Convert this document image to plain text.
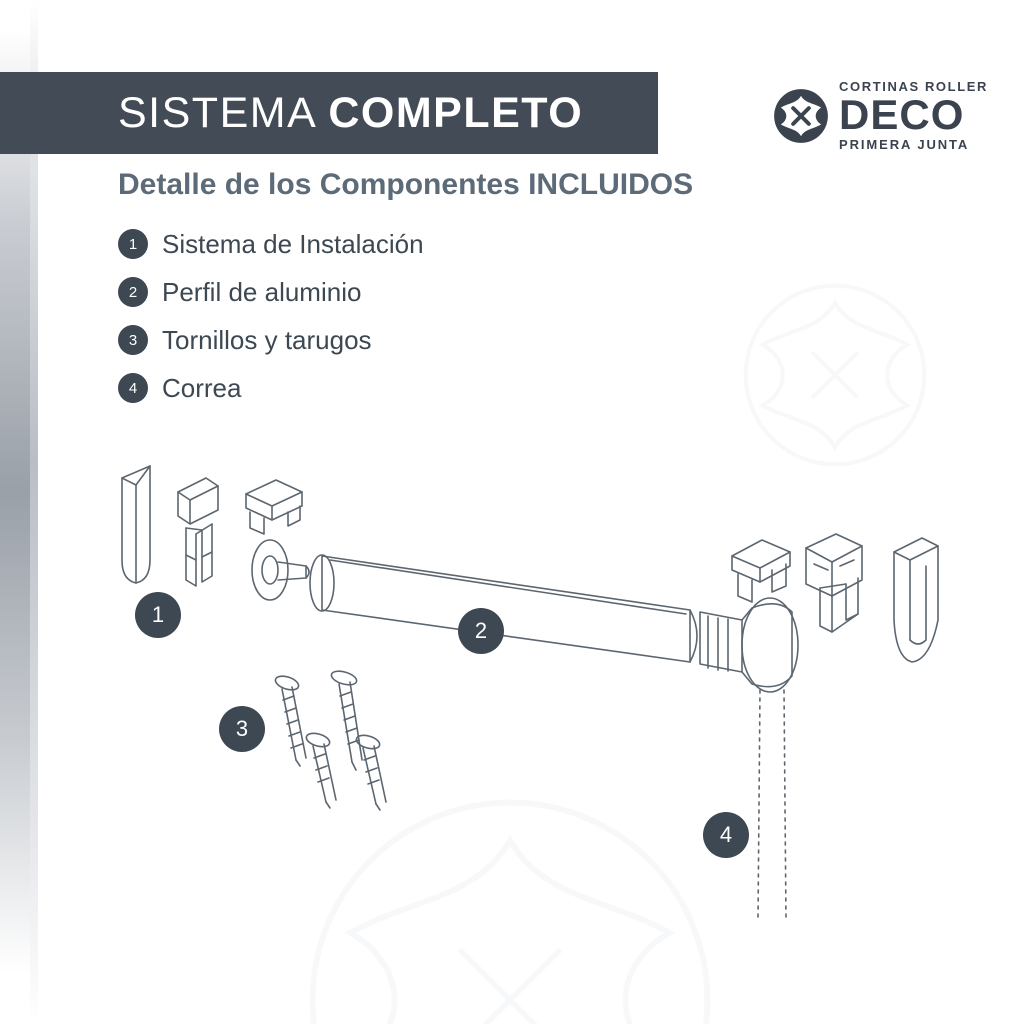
SISTEMA COMPLETO
CORTINAS ROLLER
DECO
PRIMERA JUNTA
Detalle de los Componentes INCLUIDOS
1 Sistema de Instalación
2 Perfil de aluminio
3 Tornillos y tarugos
4 Correa
1
2
3
4
